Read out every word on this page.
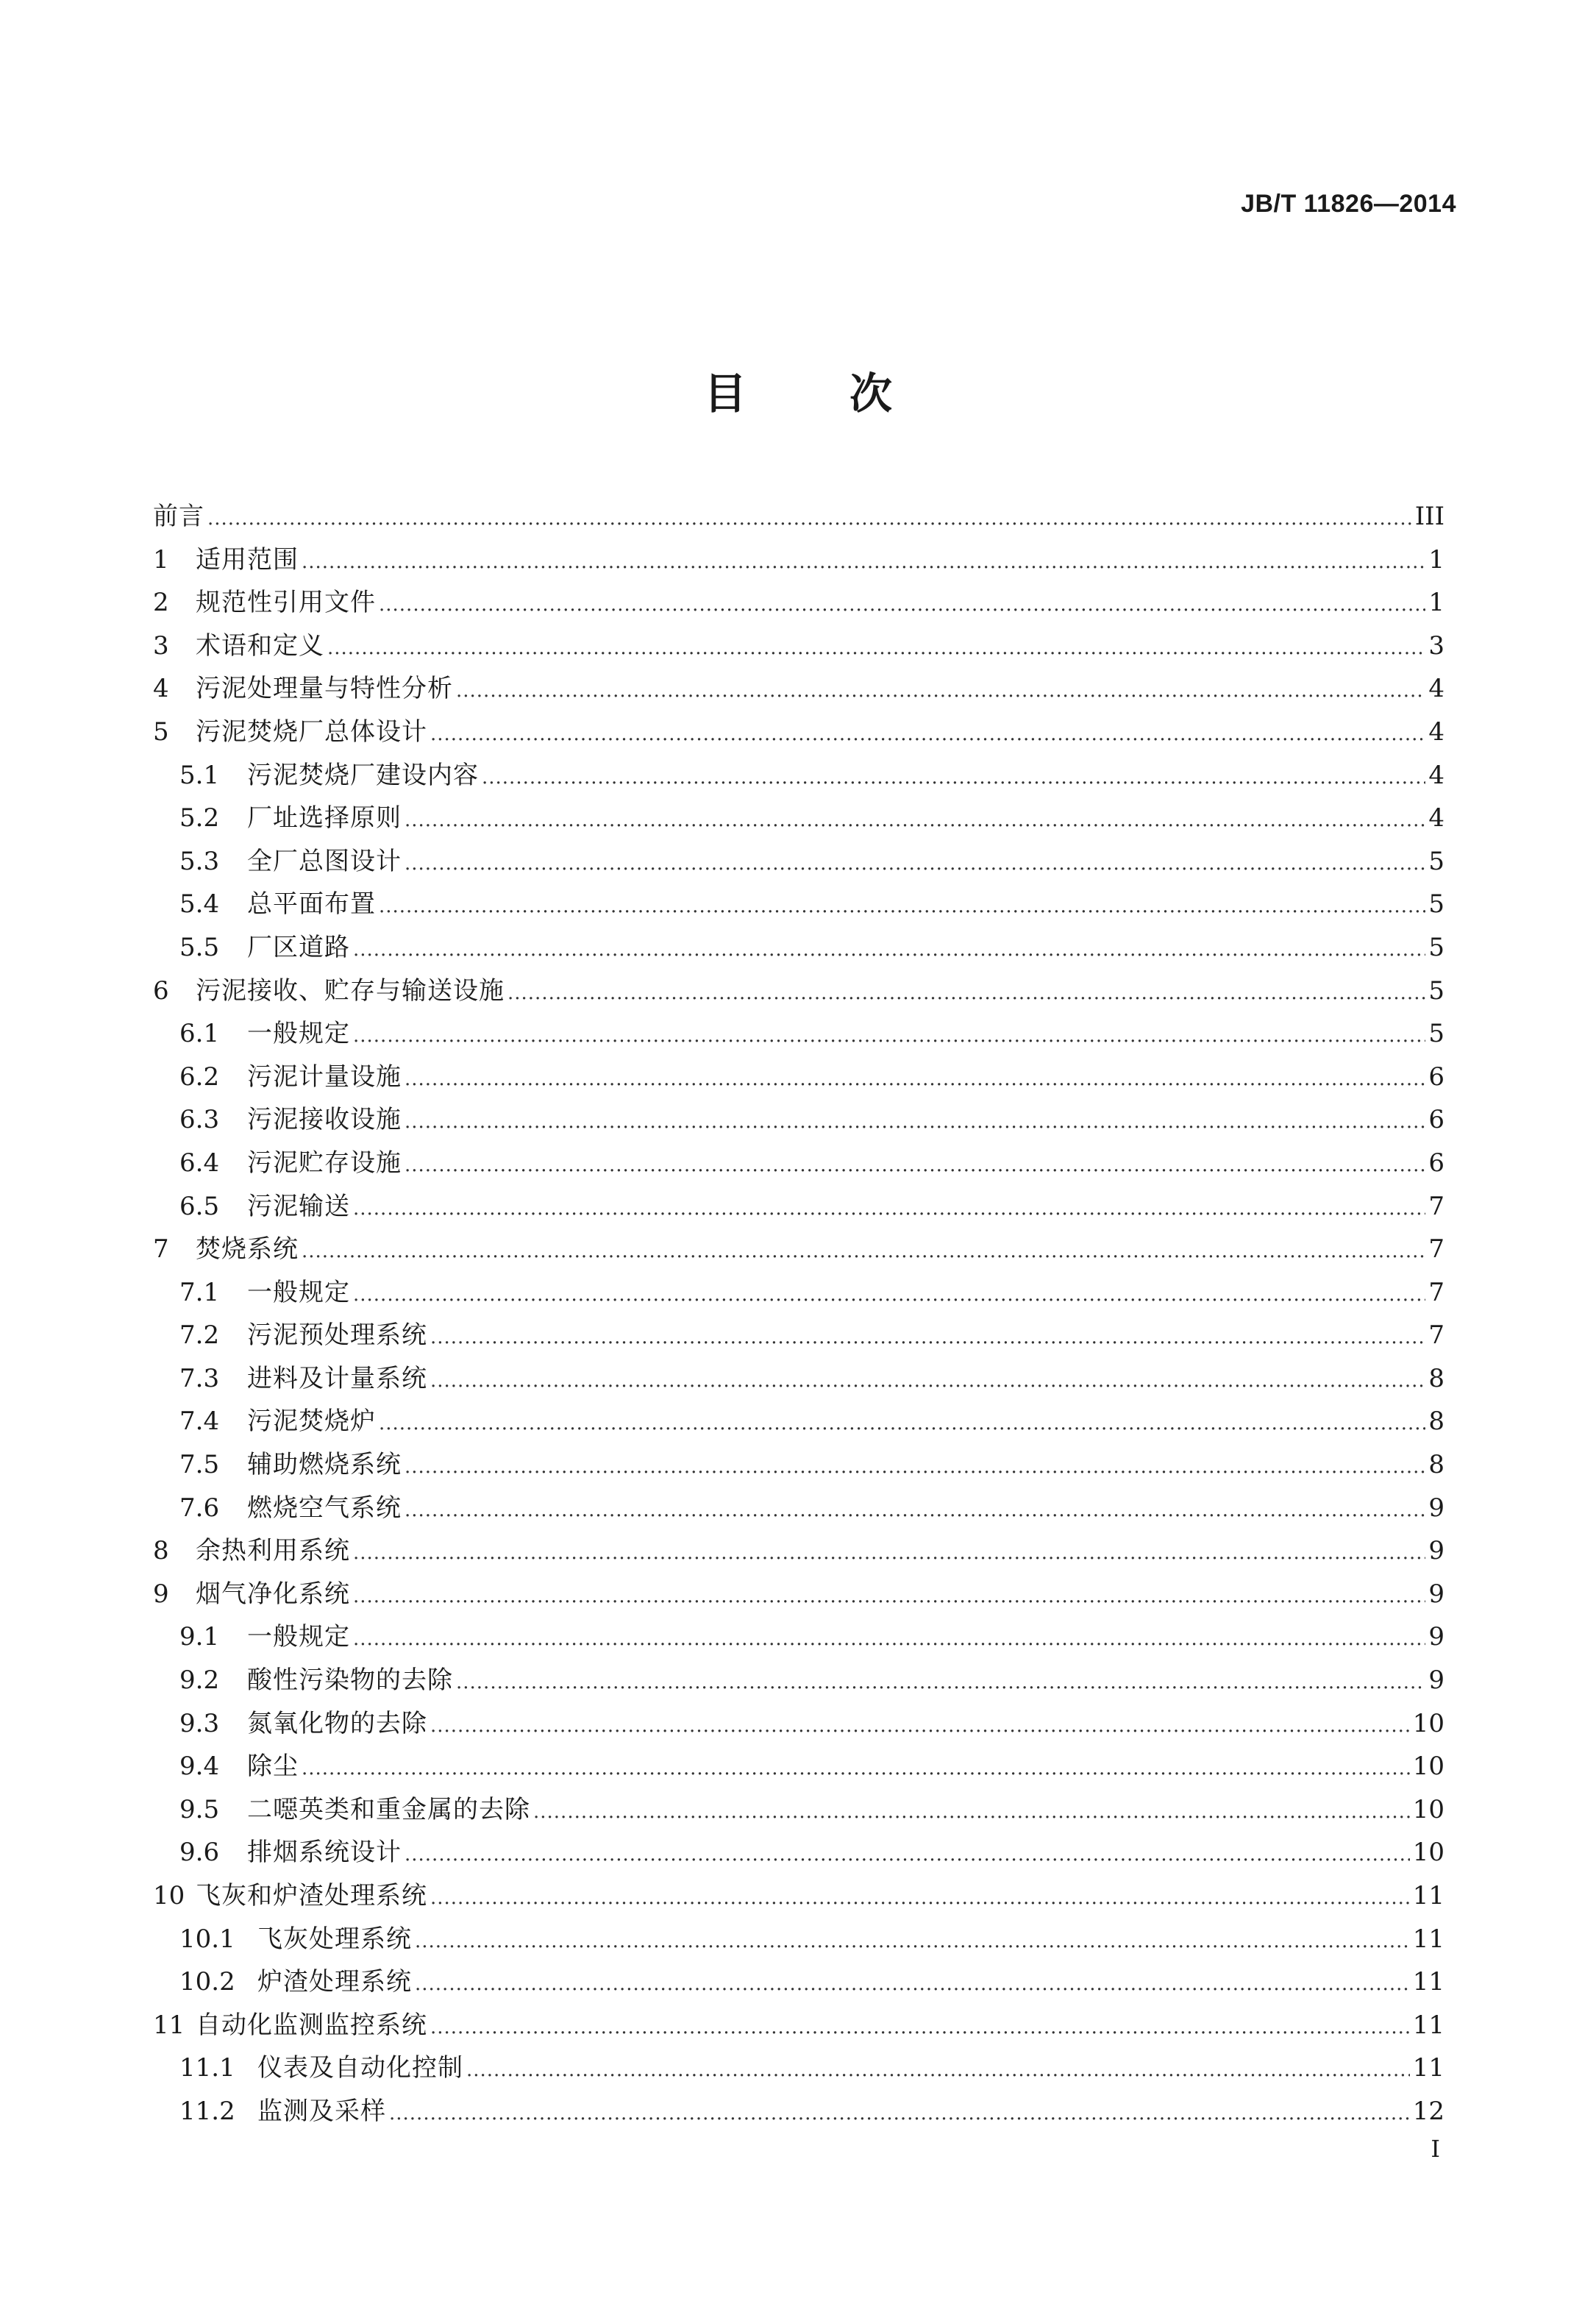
JB/T 11826—2014
目 次
前言 .....	III
1	适用范围 .....	1
2	规范性引用文件 .....	1
3	术语和定义 .....	3
4	污泥处理量与特性分析 .....	4
5	污泥焚烧厂总体设计 .....	4
5.1	污泥焚烧厂建设内容 .....	4
5.2	厂址选择原则 .....	4
5.3	全厂总图设计 .....	5
5.4	总平面布置 .....	5
5.5	厂区道路 .....	5
6	污泥接收、贮存与输送设施 .....	5
6.1	一般规定 .....	5
6.2	污泥计量设施 .....	6
6.3	污泥接收设施 .....	6
6.4	污泥贮存设施 .....	6
6.5	污泥输送 .....	7
7	焚烧系统 .....	7
7.1	一般规定 .....	7
7.2	污泥预处理系统 .....	7
7.3	进料及计量系统 .....	8
7.4	污泥焚烧炉 .....	8
7.5	辅助燃烧系统 .....	8
7.6	燃烧空气系统 .....	9
8	余热利用系统 .....	9
9	烟气净化系统 .....	9
9.1	一般规定 .....	9
9.2	酸性污染物的去除 .....	9
9.3	氮氧化物的去除 .....	10
9.4	除尘 .....	10
9.5	二噁英类和重金属的去除 .....	10
9.6	排烟系统设计 .....	10
10 飞灰和炉渣处理系统 .....	11
10.1 飞灰处理系统 .....	11
10.2 炉渣处理系统 .....	11
11 自动化监测监控系统 .....	11
11.1 仪表及自动化控制 .....	11
11.2 监测及采样 .....	12
I
